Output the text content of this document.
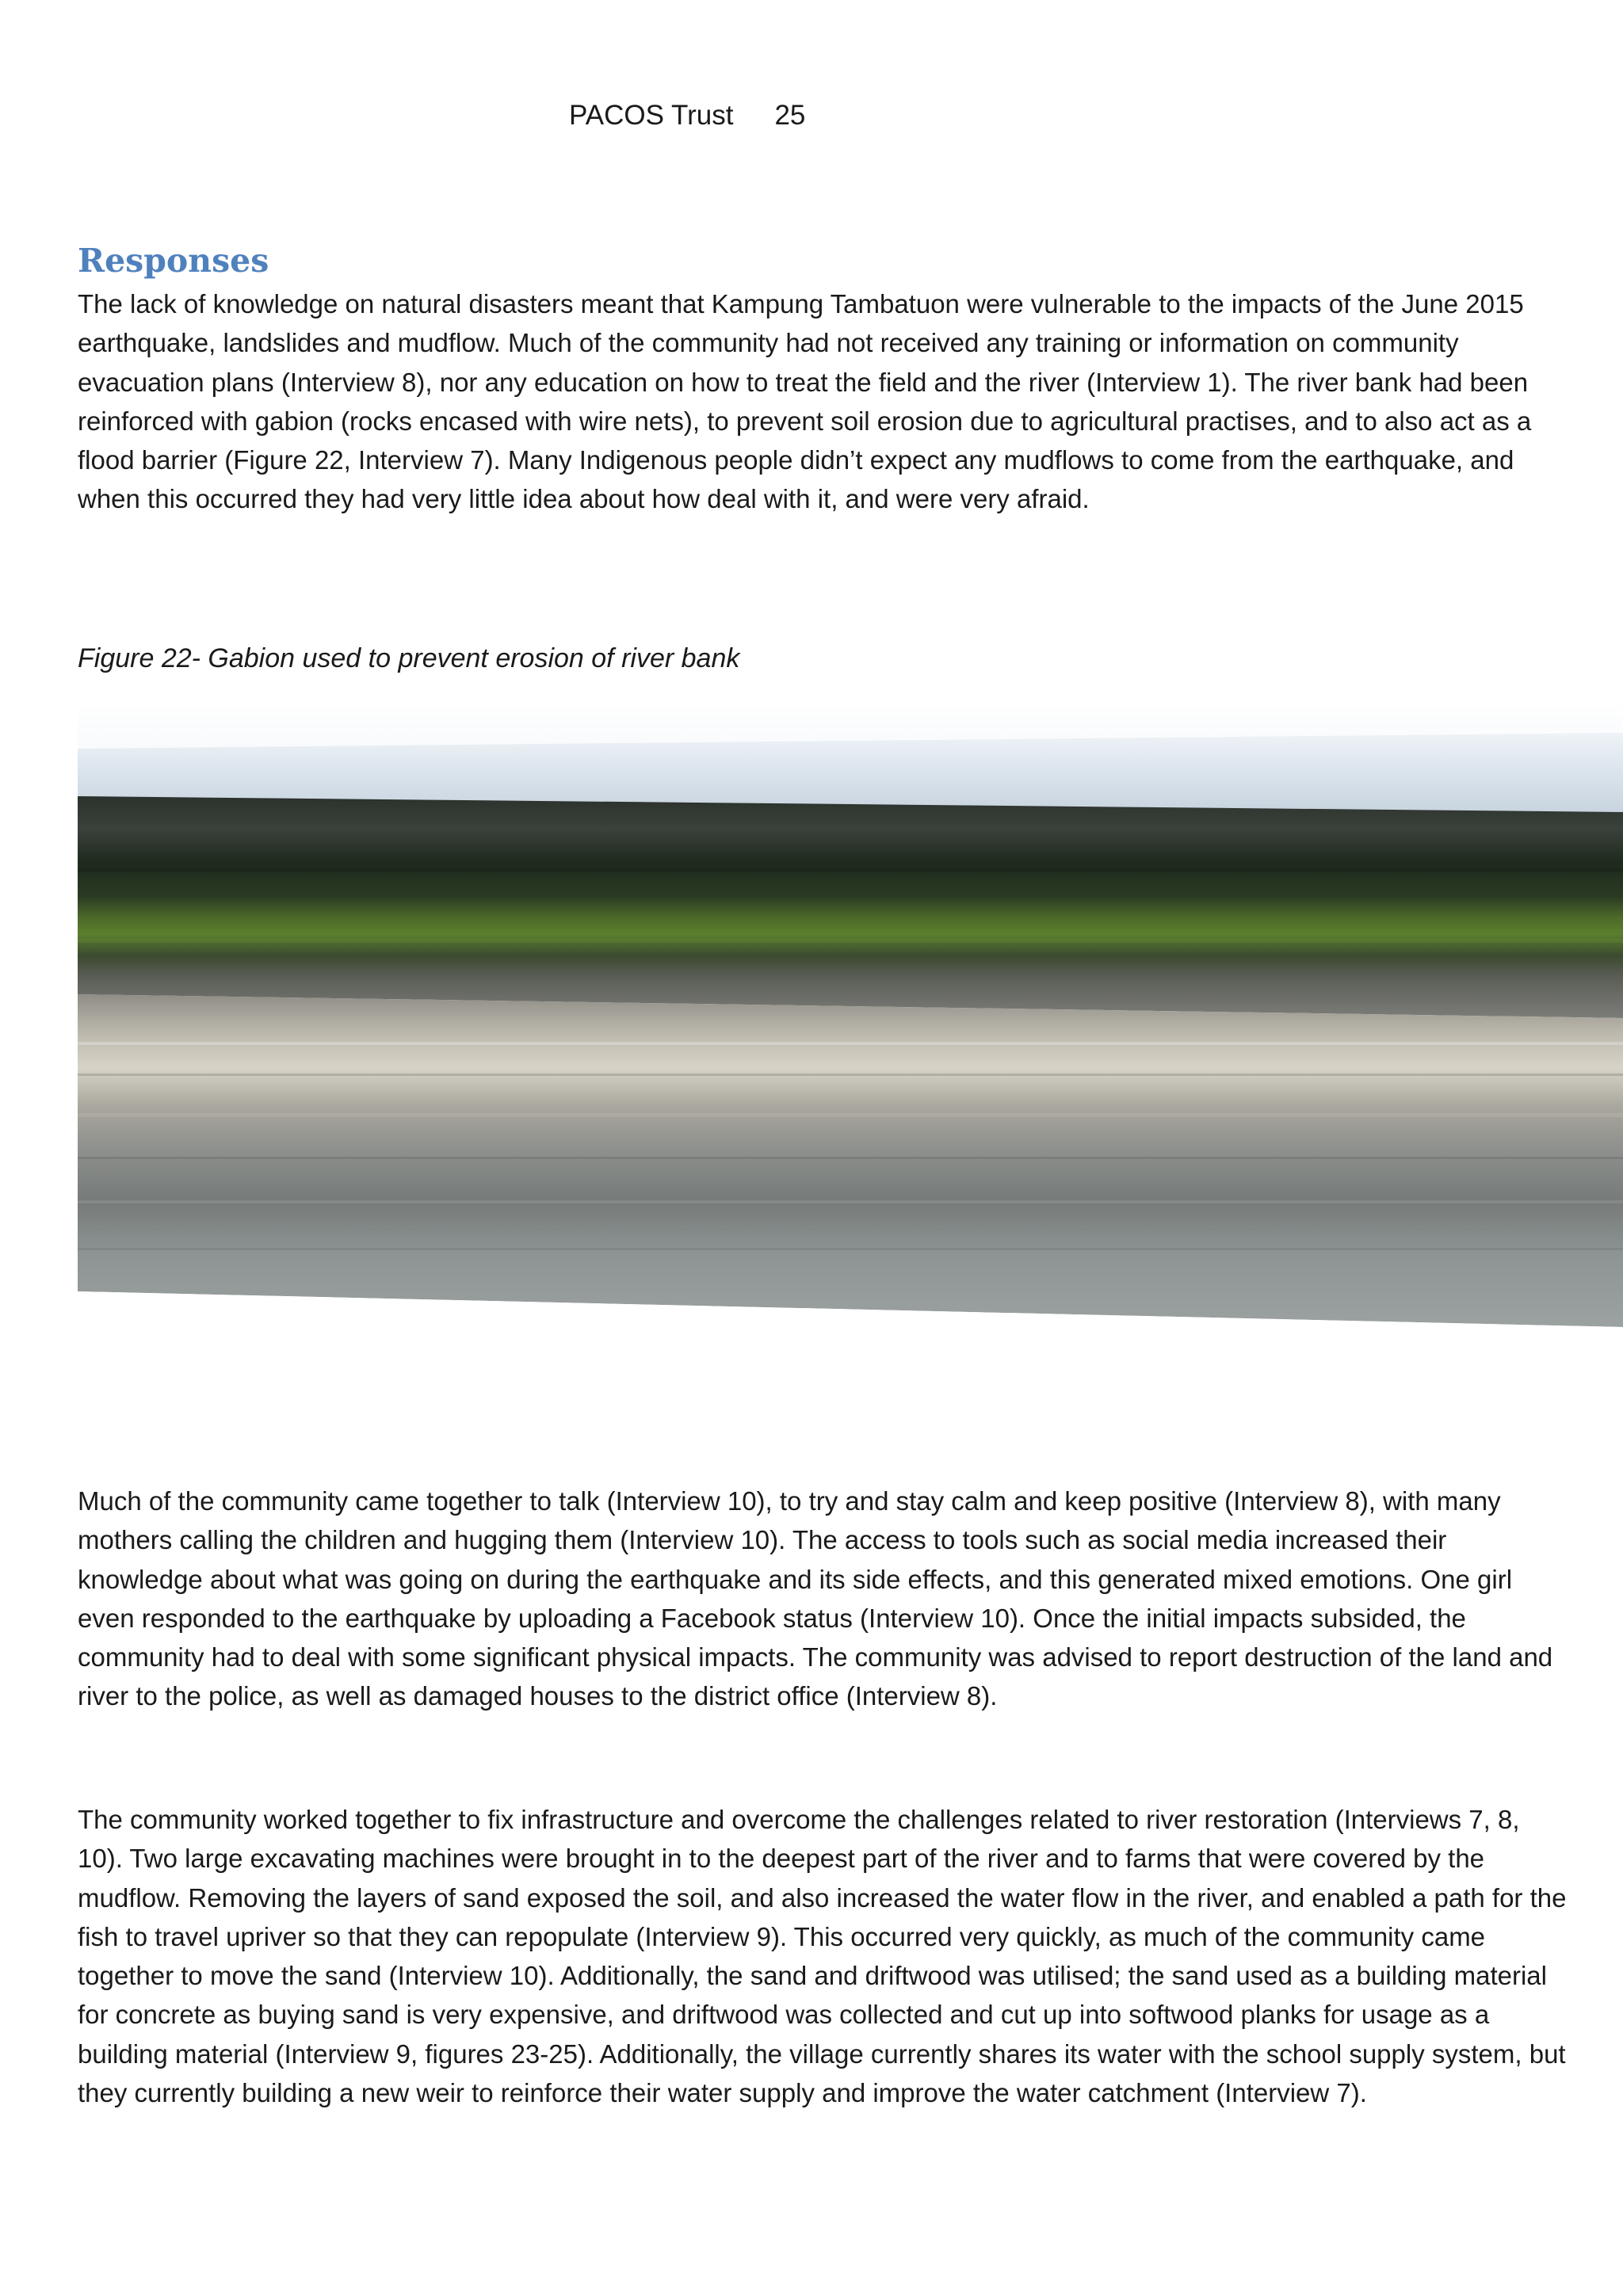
PACOS Trust 25
Responses

The lack of knowledge on natural disasters meant that Kampung Tambatuon were vulnerable to the impacts of the June 2015 earthquake, landslides and mudflow. Much of the community had not received any training or information on community evacuation plans (Interview 8), nor any education on how to treat the field and the river (Interview 1). The river bank had been reinforced with gabion (rocks encased with wire nets), to prevent soil erosion due to agricultural practises, and to also act as a flood barrier (Figure 22, Interview 7). Many Indigenous people didn’t expect any mudflows to come from the earthquake, and when this occurred they had very little idea about how deal with it, and were very afraid.

Figure 22- Gabion used to prevent erosion of river bank

Much of the community came together to talk (Interview 10), to try and stay calm and keep positive (Interview 8), with many mothers calling the children and hugging them (Interview 10). The access to tools such as social media increased their knowledge about what was going on during the earthquake and its side effects, and this generated mixed emotions. One girl even responded to the earthquake by uploading a Facebook status (Interview 10). Once the initial impacts subsided, the community had to deal with some significant physical impacts. The community was advised to report destruction of the land and river to the police, as well as damaged houses to the district office (Interview 8).

The community worked together to fix infrastructure and overcome the challenges related to river restoration (Interviews 7, 8, 10). Two large excavating machines were brought in to the deepest part of the river and to farms that were covered by the mudflow. Removing the layers of sand exposed the soil, and also increased the water flow in the river, and enabled a path for the fish to travel upriver so that they can repopulate (Interview 9). This occurred very quickly, as much of the community came together to move the sand (Interview 10). Additionally, the sand and driftwood was utilised; the sand used as a building material for concrete as buying sand is very expensive, and driftwood was collected and cut up into softwood planks for usage as a building material (Interview 9, figures 23-25). Additionally, the village currently shares its water with the school supply system, but they currently building a new weir to reinforce their water supply and improve the water catchment (Interview 7).
